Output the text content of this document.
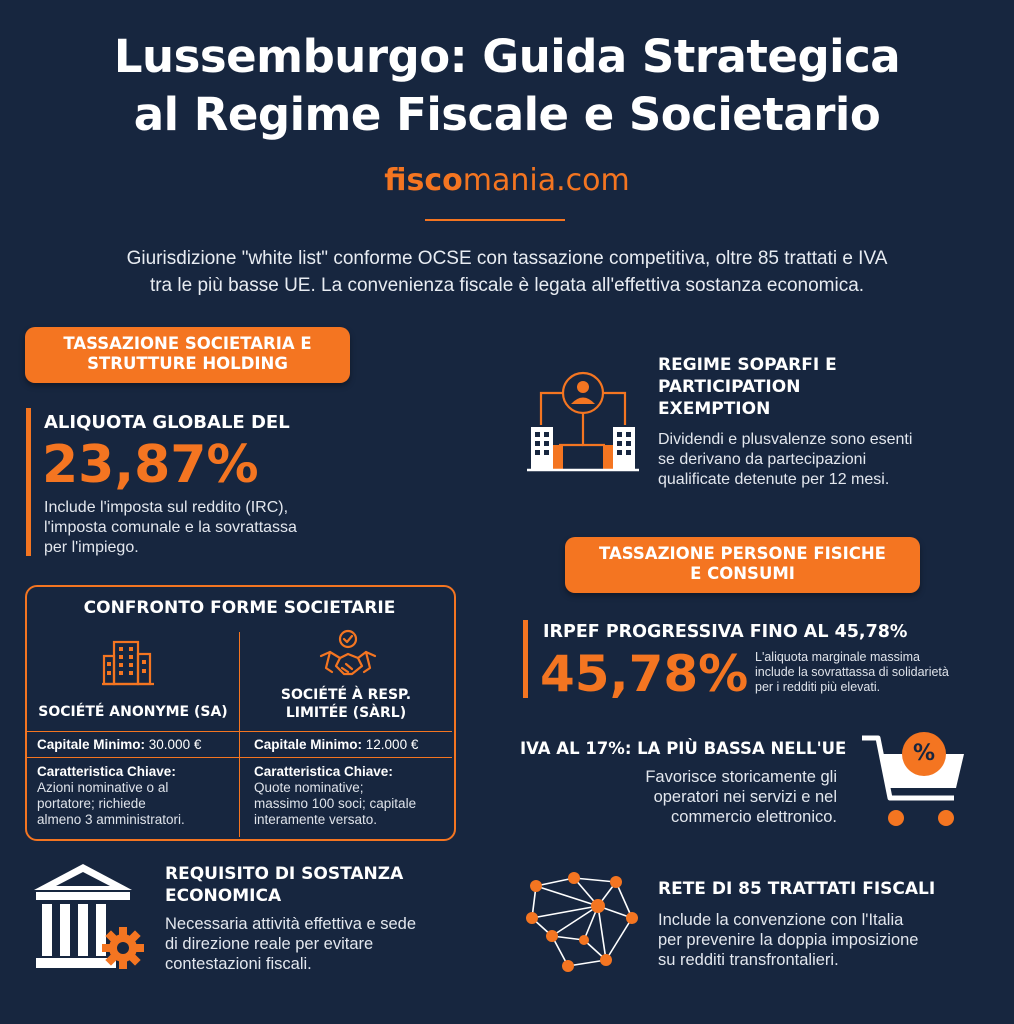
Lussemburgo: Guida Strategica
al Regime Fiscale e Societario
fiscomania.com
Giurisdizione "white list" conforme OCSE con tassazione competitiva, oltre 85 trattati e IVA
tra le più basse UE. La convenienza fiscale è legata all'effettiva sostanza economica.
TASSAZIONE SOCIETARIA E
STRUTTURE HOLDING
ALIQUOTA GLOBALE DEL
23,87%
Include l'imposta sul reddito (IRC),
l'imposta comunale e la sovrattassa
per l'impiego.
CONFRONTO FORME SOCIETARIE
SOCIÉTÉ ANONYME (SA)
SOCIÉTÉ À RESP.
LIMITÉE (SÀRL)
Capitale Minimo: 30.000 €	Capitale Minimo: 12.000 €
Caratteristica Chiave:
Azioni nominative o al
portatore; richiede
almeno 3 amministratori.
Caratteristica Chiave:
Quote nominative;
massimo 100 soci; capitale
interamente versato.
REQUISITO DI SOSTANZA
ECONOMICA
Necessaria attività effettiva e sede
di direzione reale per evitare
contestazioni fiscali.
REGIME SOPARFI E
PARTICIPATION
EXEMPTION
Dividendi e plusvalenze sono esenti
se derivano da partecipazioni
qualificate detenute per 12 mesi.
TASSAZIONE PERSONE FISICHE
E CONSUMI
IRPEF PROGRESSIVA FINO AL 45,78%
45,78% L'aliquota marginale massima
include la sovrattassa di solidarietà
per i redditi più elevati.
IVA AL 17%: LA PIÙ BASSA NELL'UE
Favorisce storicamente gli
operatori nei servizi e nel
commercio elettronico.
%
RETE DI 85 TRATTATI FISCALI
Include la convenzione con l'Italia
per prevenire la doppia imposizione
su redditi transfrontalieri.
